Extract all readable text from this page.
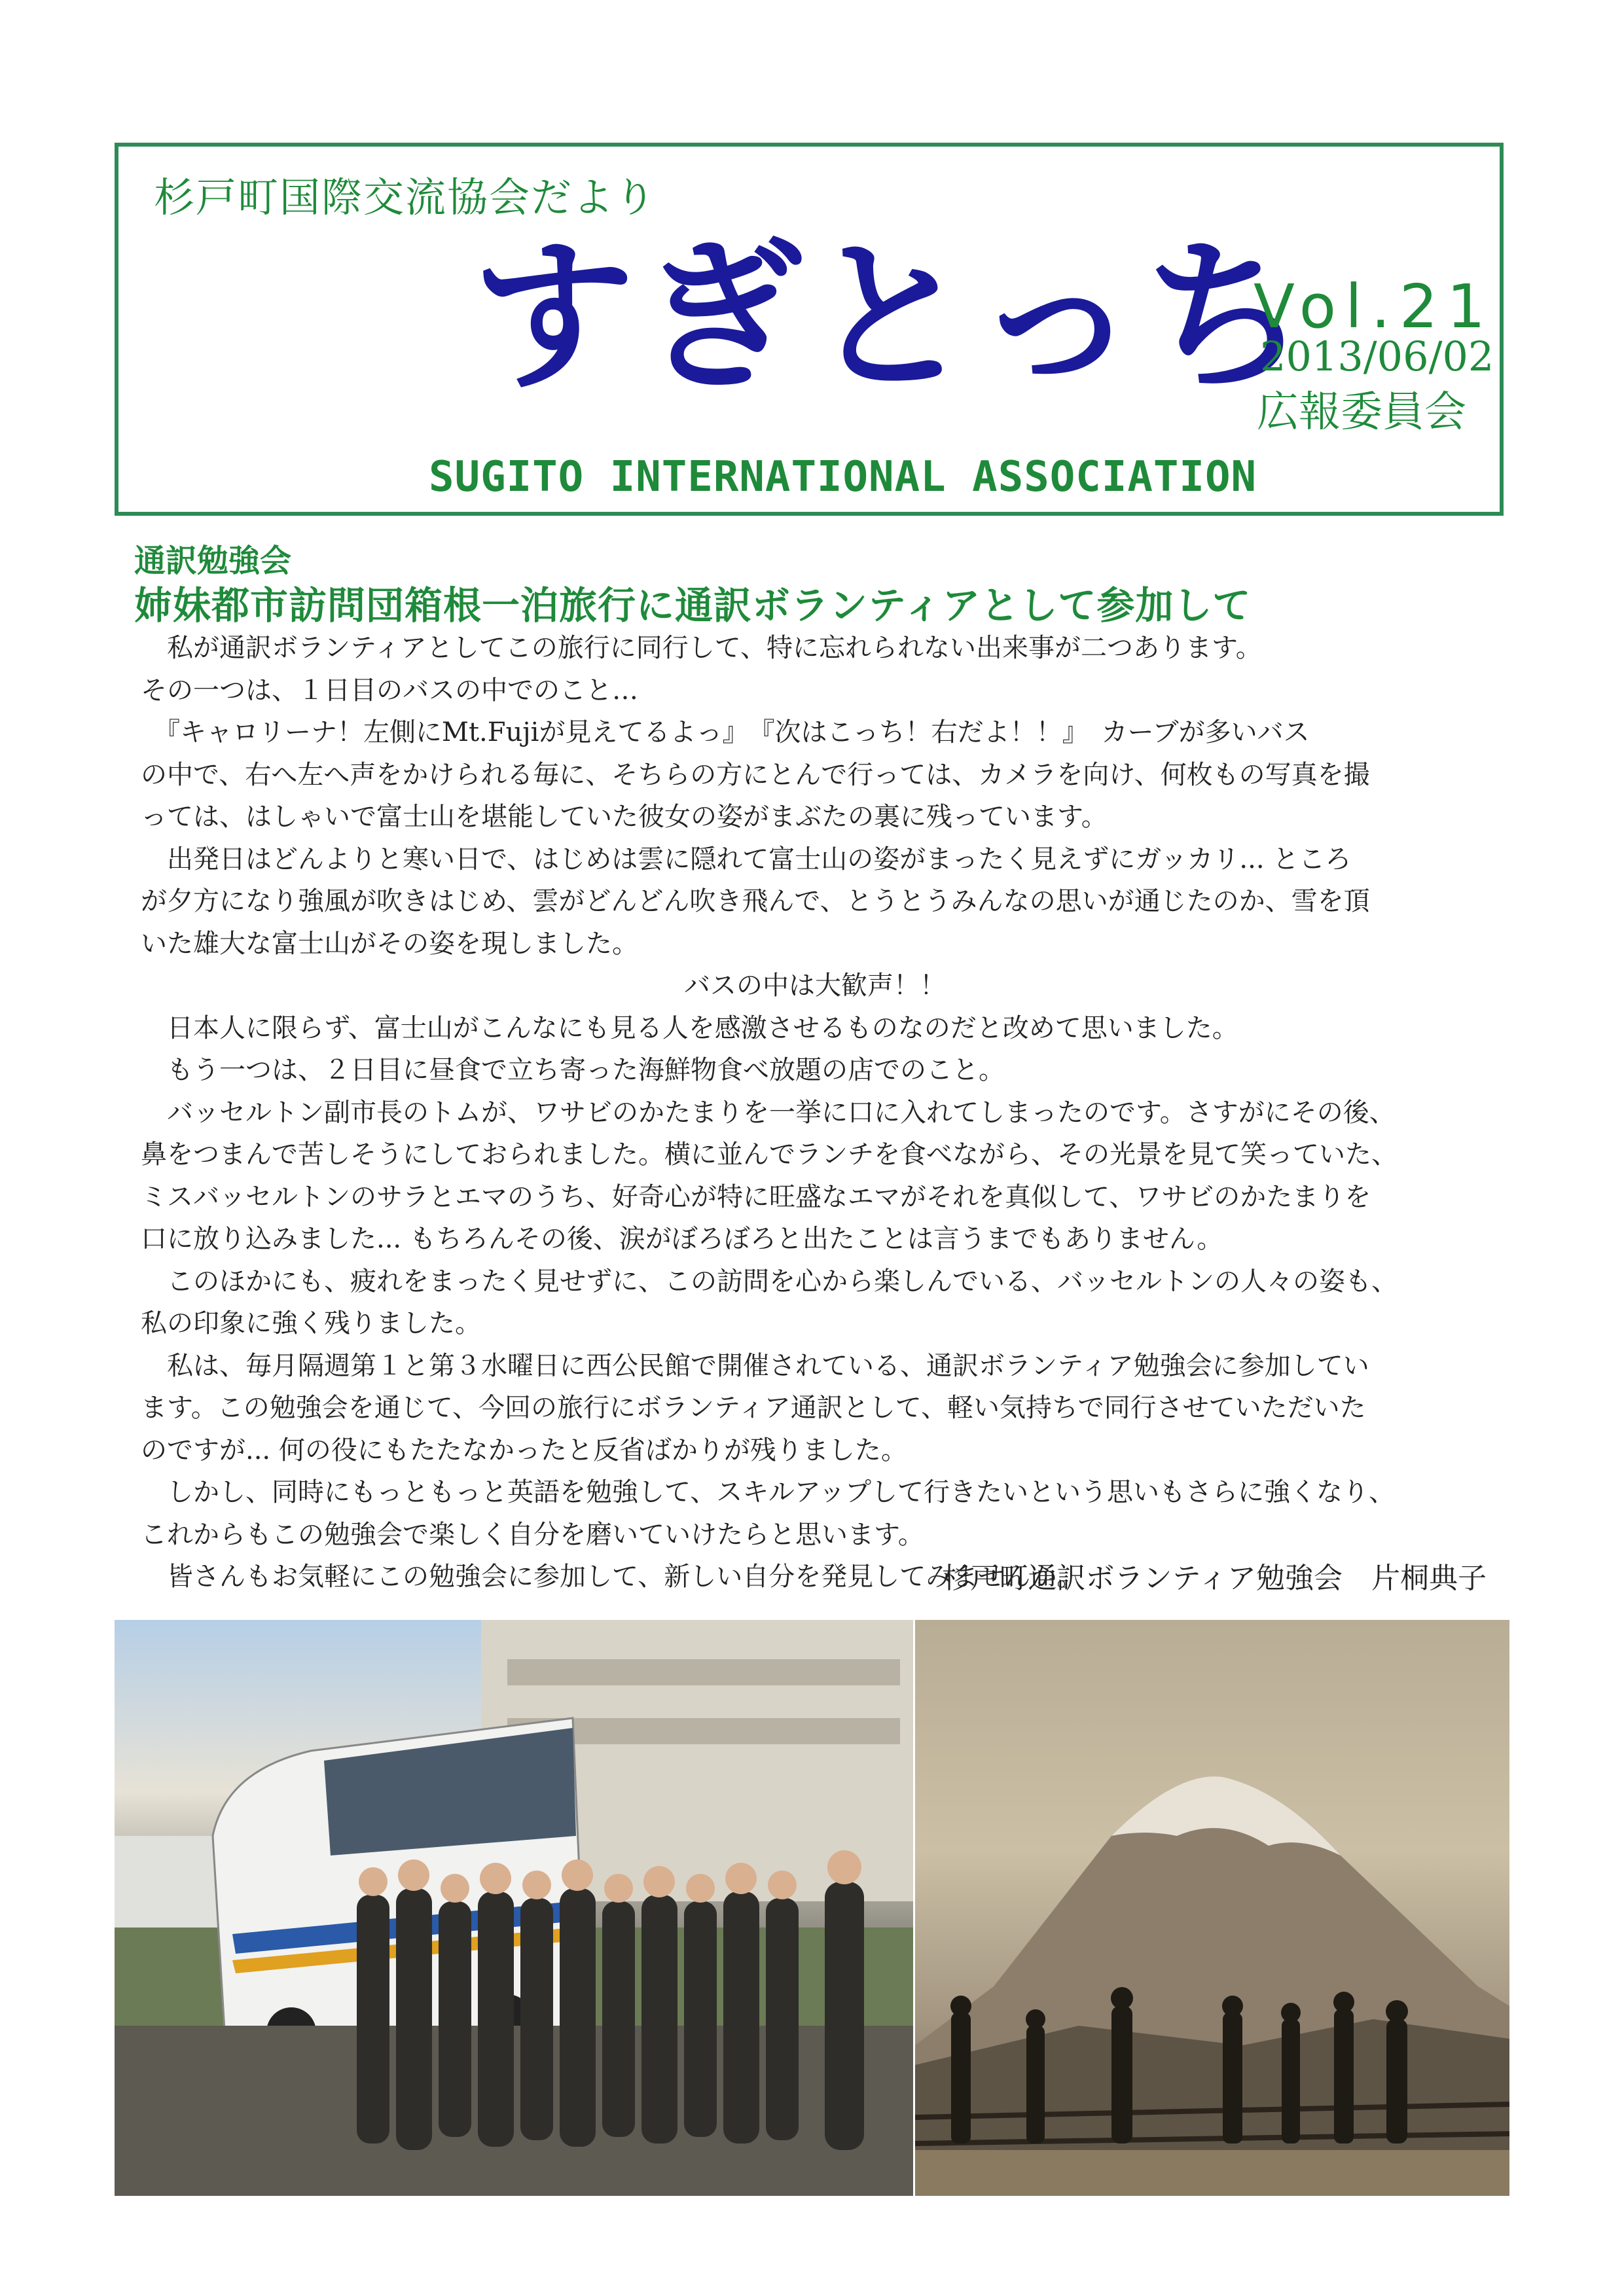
杉戸町国際交流協会だより
すぎとっち
Vol.21
2013/06/02
広報委員会
SUGITO INTERNATIONAL ASSOCIATION
通訳勉強会
姉妹都市訪問団箱根一泊旅行に通訳ボランティアとして参加して

　私が通訳ボランティアとしてこの旅行に同行して、特に忘れられない出来事が二つあります。

その一つは、１日目のバスの中でのこと…

　『キャロリーナ！左側にMt.Fujiが見えてるよっ』　『次はこっち！右だよ！！』　カーブが多いバス

の中で、右へ左へ声をかけられる毎に、そちらの方にとんで行っては、カメラを向け、何枚もの写真を撮

っては、はしゃいで富士山を堪能していた彼女の姿がまぶたの裏に残っています。

　出発日はどんよりと寒い日で、はじめは雲に隠れて富士山の姿がまったく見えずにガッカリ... ところ

が夕方になり強風が吹きはじめ、雲がどんどん吹き飛んで、とうとうみんなの思いが通じたのか、雪を頂

いた雄大な富士山がその姿を現しました。

バスの中は大歓声！！

　日本人に限らず、富士山がこんなにも見る人を感激させるものなのだと改めて思いました。

　もう一つは、２日目に昼食で立ち寄った海鮮物食べ放題の店でのこと。

　バッセルトン副市長のトムが、ワサビのかたまりを一挙に口に入れてしまったのです。さすがにその後、

鼻をつまんで苦しそうにしておられました。横に並んでランチを食べながら、その光景を見て笑っていた、

ミスバッセルトンのサラとエマのうち、好奇心が特に旺盛なエマがそれを真似して、ワサビのかたまりを

口に放り込みました... もちろんその後、涙がぼろぼろと出たことは言うまでもありません。

　このほかにも、疲れをまったく見せずに、この訪問を心から楽しんでいる、バッセルトンの人々の姿も、

私の印象に強く残りました。

　私は、毎月隔週第１と第３水曜日に西公民館で開催されている、通訳ボランティア勉強会に参加してい

ます。この勉強会を通じて、今回の旅行にボランティア通訳として、軽い気持ちで同行させていただいた

のですが... 何の役にもたたなかったと反省ばかりが残りました。

　しかし、同時にもっともっと英語を勉強して、スキルアップして行きたいという思いもさらに強くなり、

これからもこの勉強会で楽しく自分を磨いていけたらと思います。

　皆さんもお気軽にこの勉強会に参加して、新しい自分を発見してみませんか。

杉戸町通訳ボランティア勉強会　片桐典子
